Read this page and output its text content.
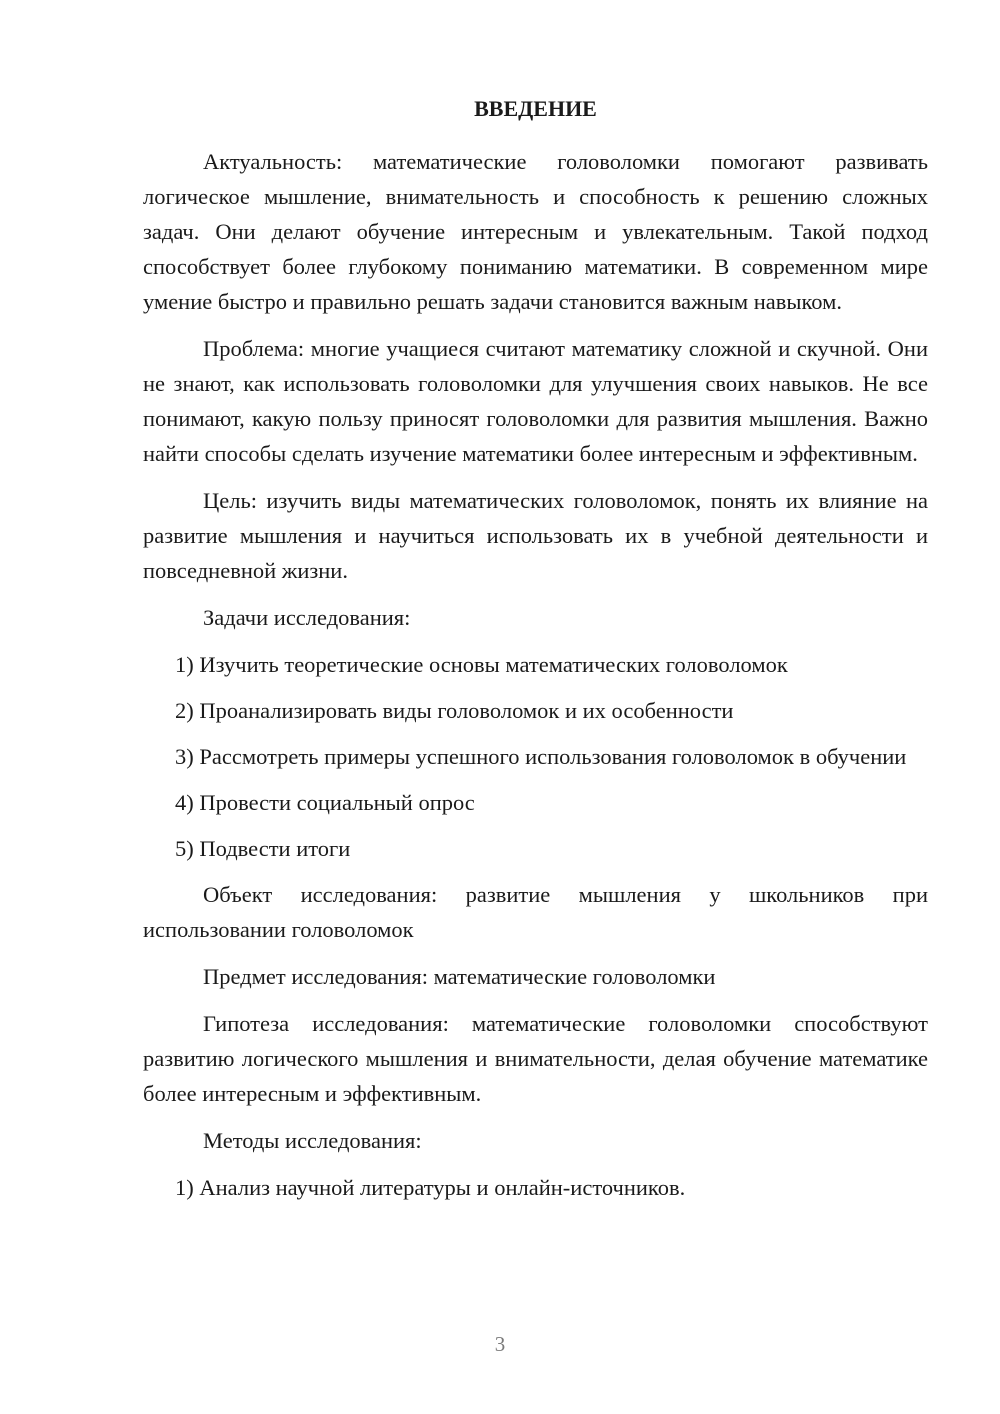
ВВЕДЕНИЕ

Актуальность: математические головоломки помогают развивать логическое мышление, внимательность и способность к решению сложных задач. Они делают обучение интересным и увлекательным. Такой подход способствует более глубокому пониманию математики. В современном мире умение быстро и правильно решать задачи становится важным навыком.

Проблема: многие учащиеся считают математику сложной и скучной. Они не знают, как использовать головоломки для улучшения своих навыков. Не все понимают, какую пользу приносят головоломки для развития мышления. Важно найти способы сделать изучение математики более интересным и эффективным.

Цель: изучить виды математических головоломок, понять их влияние на развитие мышления и научиться использовать их в учебной деятельности и повседневной жизни.

Задачи исследования:

1) Изучить теоретические основы математических головоломок

2) Проанализировать виды головоломок и их особенности

3) Рассмотреть примеры успешного использования головоломок в обучении

4) Провести социальный опрос

5) Подвести итоги

Объект исследования: развитие мышления у школьников при использовании головоломок

Предмет исследования: математические головоломки

Гипотеза исследования: математические головоломки способствуют развитию логического мышления и внимательности, делая обучение математике более интересным и эффективным.

Методы исследования:

1) Анализ научной литературы и онлайн-источников.

3
